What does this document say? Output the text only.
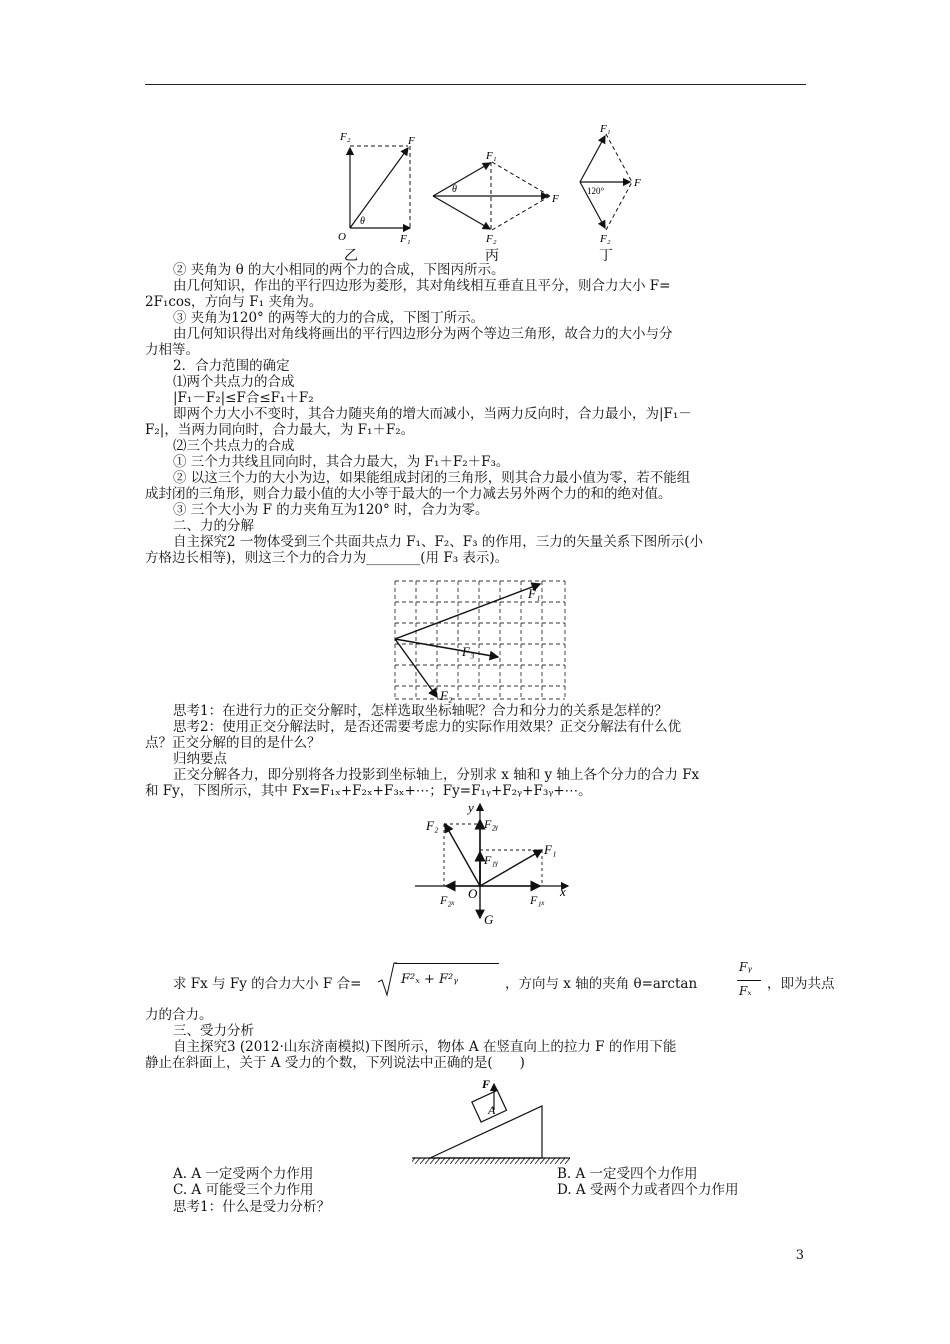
F₂	F
O
θ
F₁
乙
F₁
F
θ
F₂
丙
F₁
F
120°
F₂
丁
② 夹角为 θ 的大小相同的两个力的合成，下图丙所示。
由几何知识，作出的平行四边形为菱形，其对角线相互垂直且平分，则合力大小 F=
2F₁cos，方向与 F₁ 夹角为。
③ 夹角为120° 的两等大的力的合成，下图丁所示。
由几何知识得出对角线将画出的平行四边形分为两个等边三角形，故合力的大小与分
力相等。
2．合力范围的确定
⑴两个共点力的合成
|F₁－F₂|≤F合≤F₁＋F₂
即两个力大小不变时，其合力随夹角的增大而减小，当两力反向时，合力最小，为|F₁－
F₂|，当两力同向时，合力最大，为 F₁＋F₂。
⑵三个共点力的合成
① 三个力共线且同向时，其合力最大，为 F₁＋F₂＋F₃。
② 以这三个力的大小为边，如果能组成封闭的三角形，则其合力最小值为零，若不能组
成封闭的三角形，则合力最小值的大小等于最大的一个力减去另外两个力的和的绝对值。
③ 三个大小为 F 的力夹角互为120° 时，合力为零。
二、力的分解
自主探究2 一物体受到三个共面共点力 F₁、F₂、F₃ 的作用，三力的矢量关系下图所示(小
方格边长相等)，则这三个力的合力为________(用 F₃ 表示)。
F₁
F₃
F₂
思考1：在进行力的正交分解时，怎样选取坐标轴呢？合力和分力的关系是怎样的？
思考2：使用正交分解法时，是否还需要考虑力的实际作用效果？正交分解法有什么优
点？正交分解的目的是什么？
归纳要点
正交分解各力，即分别将各力投影到坐标轴上，分别求 x 轴和 y 轴上各个分力的合力 Fx
和 Fy，下图所示，其中 Fx=F₁ₓ+F₂ₓ+F₃ₓ+⋯；Fy=F₁ᵧ+F₂ᵧ+F₃ᵧ+⋯。
y
x
O
F₂	F₂ᵧ
F₁ᵧ
F₁
F₂ₓ	F₁ₓ
G
求 Fx 与 Fy 的合力大小 F 合=	F²ₓ + F²ᵧ	，方向与 x 轴的夹角 θ=arctan
Fᵧ
Fₓ ，即为共点
力的合力。
三、受力分析
自主探究3 (2012·山东济南模拟)下图所示，物体 A 在竖直向上的拉力 F 的作用下能
静止在斜面上，关于 A 受力的个数，下列说法中正确的是(　　)
F
A
A. A 一定受两个力作用	B. A 一定受四个力作用
C. A 可能受三个力作用	D. A 受两个力或者四个力作用
思考1：什么是受力分析？
3
